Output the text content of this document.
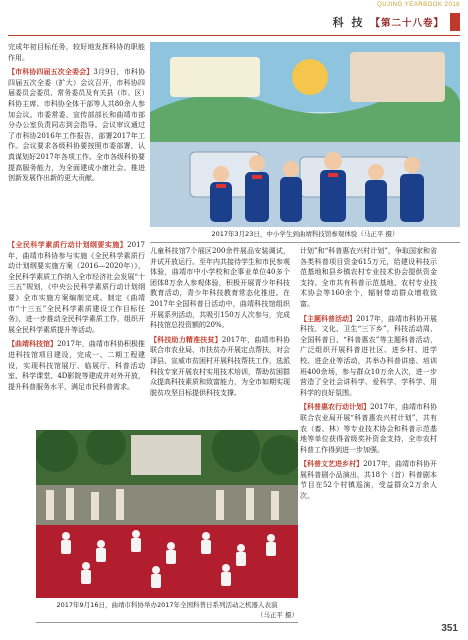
QUJING YEARBOOK 2018
科 技 【第二十八卷】

完成年初目标任务，较好地发挥科协的职能作用。

【市科协四届五次全委会】3月9日，市科协四届五次全委（扩大）会议召开，市科协四届委员会委员、常务委员及有关县（市、区）科协主席、市科协全体干部等人共80余人参加会议。市委常委、宣传部部长和曲靖市部分办公室负责同志到会指导。会议审议通过了市科协2016年工作报告，部署2017年工作。会议要求各级科协要按照市委部署，认真谋划好2017年各项工作。全市各级科协要提高服务能力，为全面建成小康社会、推进创新发展作出新的更大贡献。

2017年3月23日，中小学生到曲靖科技馆参观体验（马正平 摄）

【全民科学素质行动计划纲要实施】2017年，曲靖市科协参与实施《全民科学素质行动计划纲要实施方案（2016—2020年）》，全民科学素质工作纳入全市经济社会发展“十三五”规划，《中央公民科学素质行动计划纲要》全市实施方案编制完成。制定《曲靖市“十三五”全民科学素质建设工作目标任务》，进一步推动全民科学素质工作，组织开展全民科学素质提升等活动。

【曲靖科技馆】2017年，曲靖市科协积极推进科技馆项目建设，完成一、二期工程建设，实现科技馆展厅、临展厅、科普活动室、科学课堂、4D影院等建成并对外开放，提升科普服务水平，满足市民科普需求。

儿童科技馆7个展区200余件展品安装调试，并试开放运行。至年内共接待学生和市民参观体验，曲靖市中小学校和企事业单位40多个团体8万余人参观体验，积极开展青少年科技教育活动，青少年科技教育常态化推进。在2017年全国科普日活动中，曲靖科技馆组织开展系列活动，共吸引150万人次参与，完成科技馆总投资额的20%。

【科技助力精准扶贫】2017年，曲靖市科协联合市农业局、市扶贫办开展定点帮扶，对会泽县、宣威市贫困村开展科技帮扶工作，选派科技专家开展农村实用技术培训，帮助贫困群众提高科技素质和致富能力，为全市如期实现脱贫攻坚目标提供科技支撑。

计划”和“科普惠农兴村计划”，争取国家和省各类科普项目资金615万元，给建设科技示范基地和县乡镇农村专业技术协会提供资金支持。全市共有科普示范基地、农村专业技术协会等160余个，辐射带动群众增收致富。

【主题科普活动】2017年，曲靖市科协开展科技、文化、卫生“三下乡”，科技活动周、全国科普日、“科普惠农”等主题科普活动，广泛组织开展科普进社区、进乡村、进学校、进企业等活动，共举办科普讲座、培训班400余场，参与群众10万余人次，进一步营造了全社会讲科学、爱科学、学科学、用科学的良好氛围。

【科普惠农行动计划】2017年，曲靖市科协联合农业局开展“科普惠农兴村计划”，共有农（畜、林）等专业技术协会和科普示范基地等单位获得省级奖补资金支持，全市农村科普工作得到进一步加强。

【科普文艺进乡村】2017年，曲靖市科协开展科普剧小品演出，共18个（首）科普剧本节目在52个村镇巡演，受益群众2万余人次。

2017年9月16日，曲靖市科协举办2017年全国科普日系列活动之机器人表演
（马正平 摄）
351
